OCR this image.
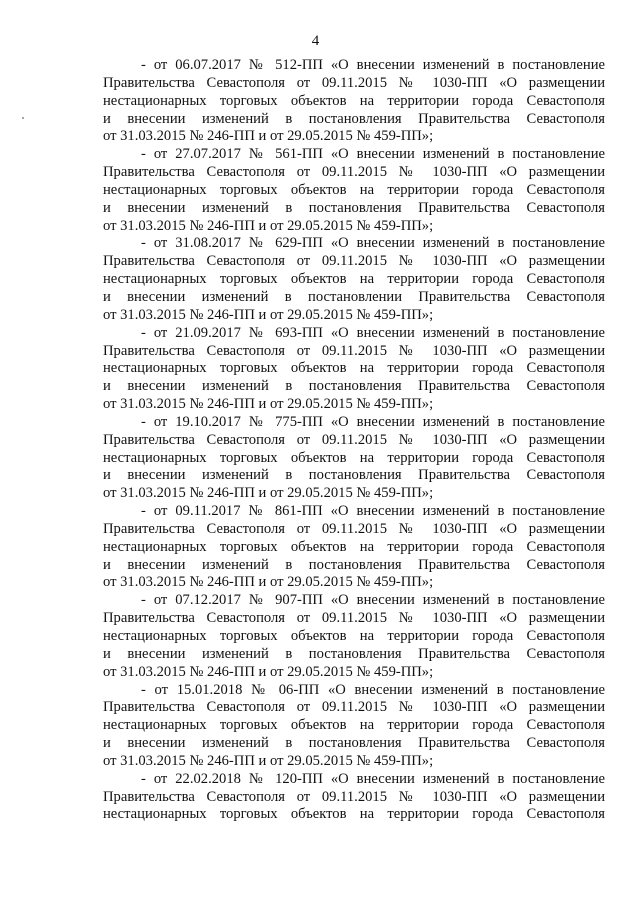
4
- от 06.07.2017 № 512-ПП «О внесении изменений в постановление
Правительства Севастополя от 09.11.2015 № 1030-ПП «О размещении
нестационарных торговых объектов на территории города Севастополя
и внесении изменений в постановления Правительства Севастополя
от 31.03.2015 № 246-ПП и от 29.05.2015 № 459-ПП»;
- от 27.07.2017 № 561-ПП «О внесении изменений в постановление
Правительства Севастополя от 09.11.2015 № 1030-ПП «О размещении
нестационарных торговых объектов на территории города Севастополя
и внесении изменений в постановления Правительства Севастополя
от 31.03.2015 № 246-ПП и от 29.05.2015 № 459-ПП»;
- от 31.08.2017 № 629-ПП «О внесении изменений в постановление
Правительства Севастополя от 09.11.2015 № 1030-ПП «О размещении
нестационарных торговых объектов на территории города Севастополя
и внесении изменений в постановлении Правительства Севастополя
от 31.03.2015 № 246-ПП и от 29.05.2015 № 459-ПП»;
- от 21.09.2017 № 693-ПП «О внесении изменений в постановление
Правительства Севастополя от 09.11.2015 № 1030-ПП «О размещении
нестационарных торговых объектов на территории города Севастополя
и внесении изменений в постановления Правительства Севастополя
от 31.03.2015 № 246-ПП и от 29.05.2015 № 459-ПП»;
- от 19.10.2017 № 775-ПП «О внесении изменений в постановление
Правительства Севастополя от 09.11.2015 № 1030-ПП «О размещении
нестационарных торговых объектов на территории города Севастополя
и внесении изменений в постановления Правительства Севастополя
от 31.03.2015 № 246-ПП и от 29.05.2015 № 459-ПП»;
- от 09.11.2017 № 861-ПП «О внесении изменений в постановление
Правительства Севастополя от 09.11.2015 № 1030-ПП «О размещении
нестационарных торговых объектов на территории города Севастополя
и внесении изменений в постановления Правительства Севастополя
от 31.03.2015 № 246-ПП и от 29.05.2015 № 459-ПП»;
- от 07.12.2017 № 907-ПП «О внесении изменений в постановление
Правительства Севастополя от 09.11.2015 № 1030-ПП «О размещении
нестационарных торговых объектов на территории города Севастополя
и внесении изменений в постановления Правительства Севастополя
от 31.03.2015 № 246-ПП и от 29.05.2015 № 459-ПП»;
- от 15.01.2018 № 06-ПП «О внесении изменений в постановление
Правительства Севастополя от 09.11.2015 № 1030-ПП «О размещении
нестационарных торговых объектов на территории города Севастополя
и внесении изменений в постановления Правительства Севастополя
от 31.03.2015 № 246-ПП и от 29.05.2015 № 459-ПП»;
- от 22.02.2018 № 120-ПП «О внесении изменений в постановление
Правительства Севастополя от 09.11.2015 № 1030-ПП «О размещении
нестационарных торговых объектов на территории города Севастополя
